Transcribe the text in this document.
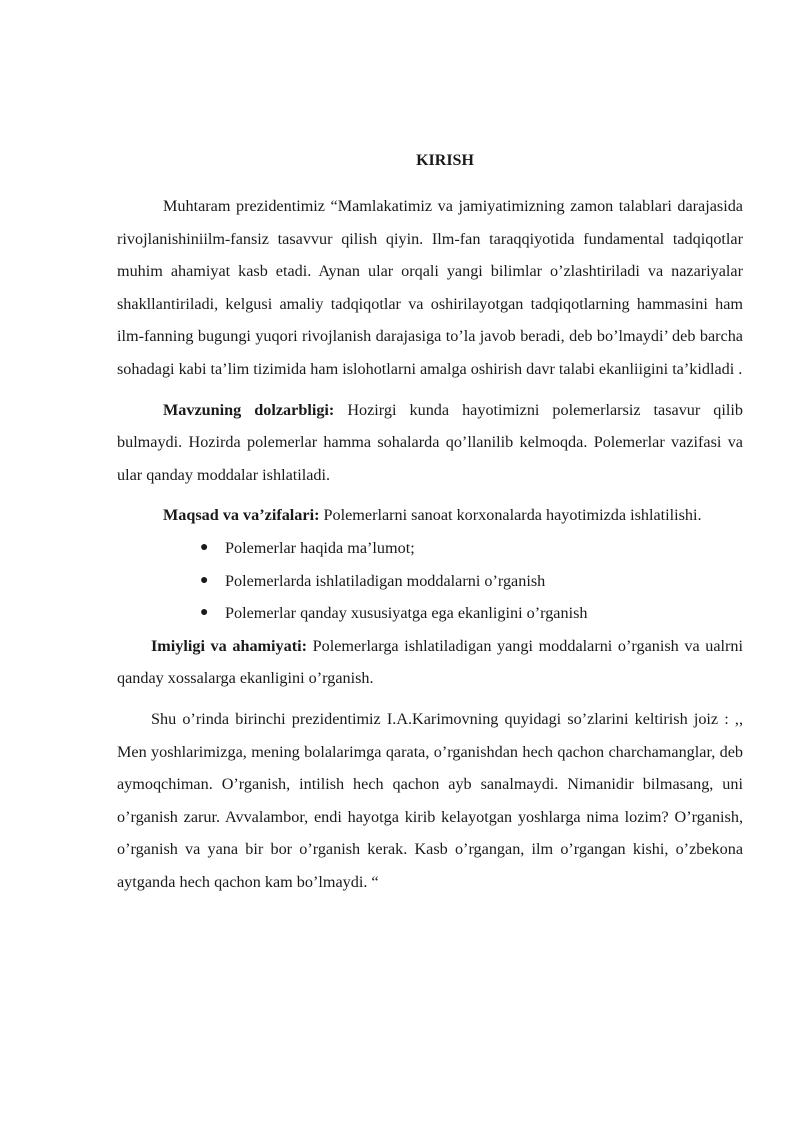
KIRISH

Muhtaram prezidentimiz “Mamlakatimiz va jamiyatimizning zamon talablari darajasida rivojlanishiniilm-fansiz tasavvur qilish qiyin. Ilm-fan taraqqiyotida fundamental tadqiqotlar muhim ahamiyat kasb etadi. Aynan ular orqali yangi bilimlar o’zlashtiriladi va nazariyalar shakllantiriladi, kelgusi amaliy tadqiqotlar va oshirilayotgan tadqiqotlarning hammasini ham ilm-fanning bugungi yuqori rivojlanish darajasiga to’la javob beradi, deb bo’lmaydi’ deb barcha sohadagi kabi ta’lim tizimida ham islohotlarni amalga oshirish davr talabi ekanliigini ta’kidladi .

Mavzuning dolzarbligi: Hozirgi kunda hayotimizni polemerlarsiz tasavur qilib bulmaydi. Hozirda polemerlar hamma sohalarda qo’llanilib kelmoqda. Polemerlar vazifasi va ular qanday moddalar ishlatiladi.

Maqsad va va’zifalari: Polemerlarni sanoat korxonalarda hayotimizda ishlatilishi.

● Polemerlar haqida ma’lumot;
● Polemerlarda ishlatiladigan moddalarni o’rganish
● Polemerlar qanday xususiyatga ega ekanligini o’rganish

Imiyligi va ahamiyati: Polemerlarga ishlatiladigan yangi moddalarni o’rganish va ualrni qanday xossalarga ekanligini o’rganish.

Shu o’rinda birinchi prezidentimiz I.A.Karimovning quyidagi so’zlarini keltirish joiz : ,, Men yoshlarimizga, mening bolalarimga qarata, o’rganishdan hech qachon charchamanglar, deb aymoqchiman. O’rganish, intilish hech qachon ayb sanalmaydi. Nimanidir bilmasang, uni o’rganish zarur. Avvalambor, endi hayotga kirib kelayotgan yoshlarga nima lozim? O’rganish, o’rganish va yana bir bor o’rganish kerak. Kasb o’rgangan, ilm o’rgangan kishi, o’zbekona aytganda hech qachon kam bo’lmaydi. “
